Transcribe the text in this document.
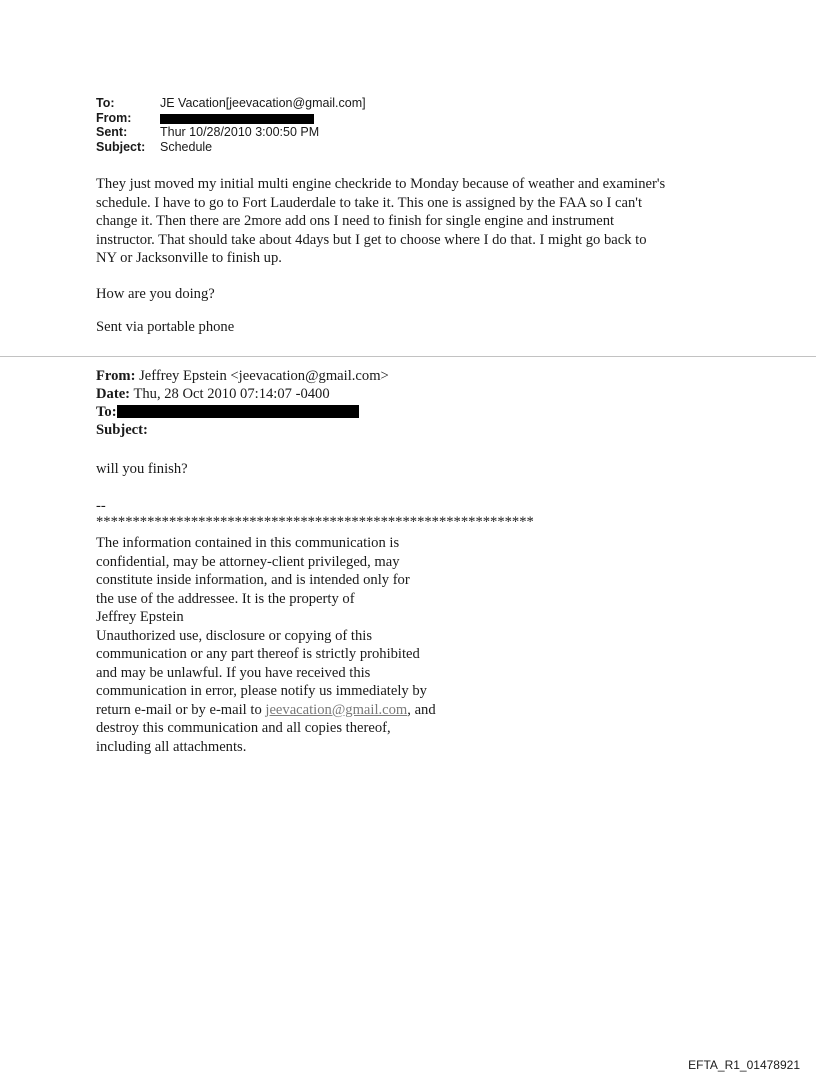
To:	JE Vacation[jeevacation@gmail.com]
From:
Sent:	Thur 10/28/2010 3:00:50 PM
Subject:	Schedule
They just moved my initial multi engine checkride to Monday because of weather and examiner's
schedule. I have to go to Fort Lauderdale to take it. This one is assigned by the FAA so I can't
change it. Then there are 2more add ons I need to finish for single engine and instrument
instructor. That should take about 4days but I get to choose where I do that. I might go back to
NY or Jacksonville to finish up.

How are you doing?

Sent via portable phone

From: Jeffrey Epstein <jeevacation@gmail.com>
Date: Thu, 28 Oct 2010 07:14:07 -0400
To:
Subject:

will you finish?

--

************************************************************

The information contained in this communication is
confidential, may be attorney-client privileged, may
constitute inside information, and is intended only for
the use of the addressee. It is the property of
Jeffrey Epstein
Unauthorized use, disclosure or copying of this
communication or any part thereof is strictly prohibited
and may be unlawful. If you have received this
communication in error, please notify us immediately by
return e-mail or by e-mail to jeevacation@gmail.com, and
destroy this communication and all copies thereof,
including all attachments.
EFTA_R1_01478921
